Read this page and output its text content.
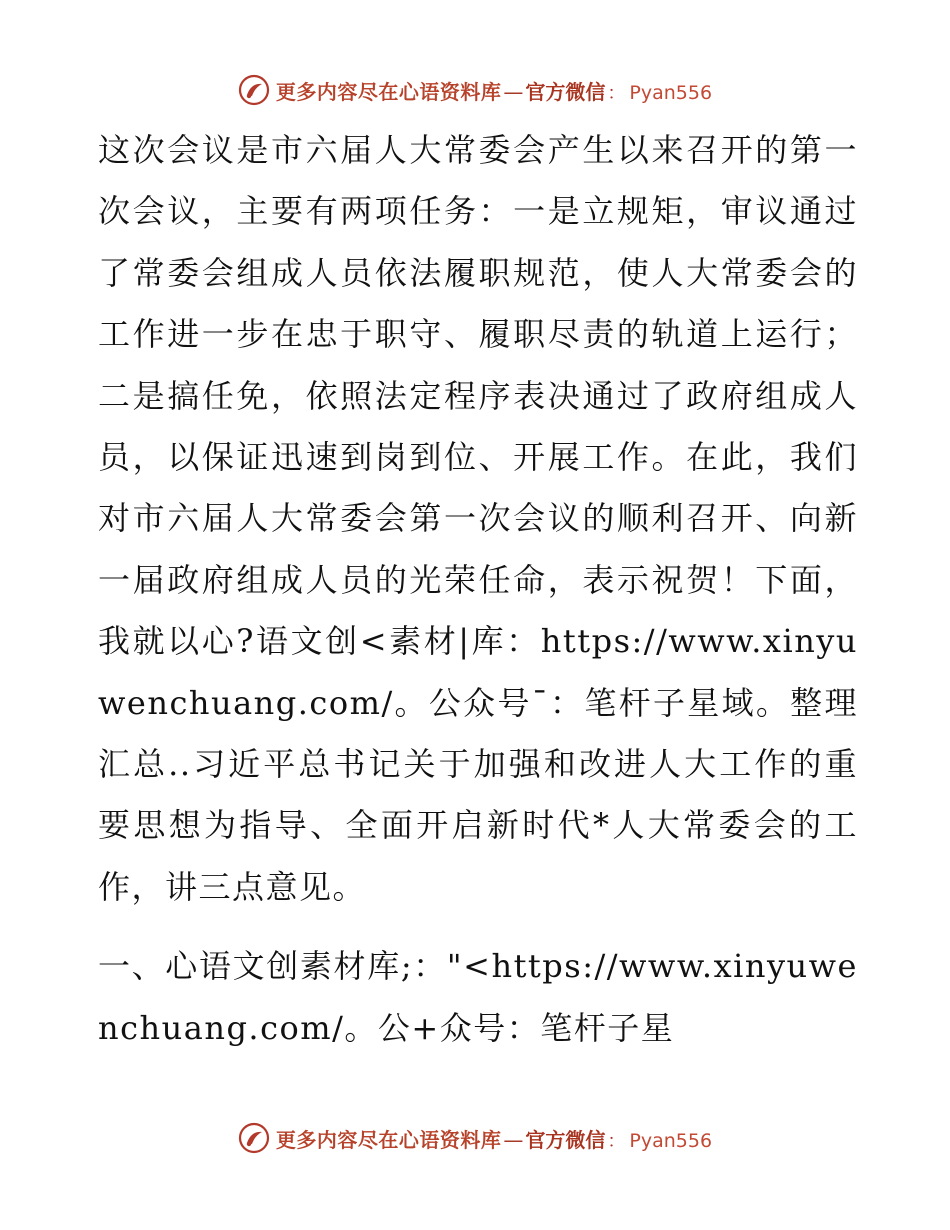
更多内容尽在心语资料库 — 官方微信 ： Pyan556

这次会议是市六届人大常委会产生以来召开的第一次会议，主要有两项任务：一是立规矩，审议通过了常委会组成人员依法履职规范，使人大常委会的工作进一步在忠于职守、履职尽责的轨道上运行；二是搞任免，依照法定程序表决通过了政府组成人员，以保证迅速到岗到位、开展工作。在此，我们对市六届人大常委会第一次会议的顺利召开、向新一届政府组成人员的光荣任命，表示祝贺！下面，我就以心?语文创<素材|库：https://www.xinyuwenchuang.com/。公众号¯：笔杆子星域。整理汇总..习近平总书记关于加强和改进人大工作的重要思想为指导、全面开启新时代*人大常委会的工作，讲三点意见。

一、心语文创素材库;："<https://www.xinyuwenchuang.com/。公+众号：笔杆子星

更多内容尽在心语资料库 — 官方微信 ： Pyan556
